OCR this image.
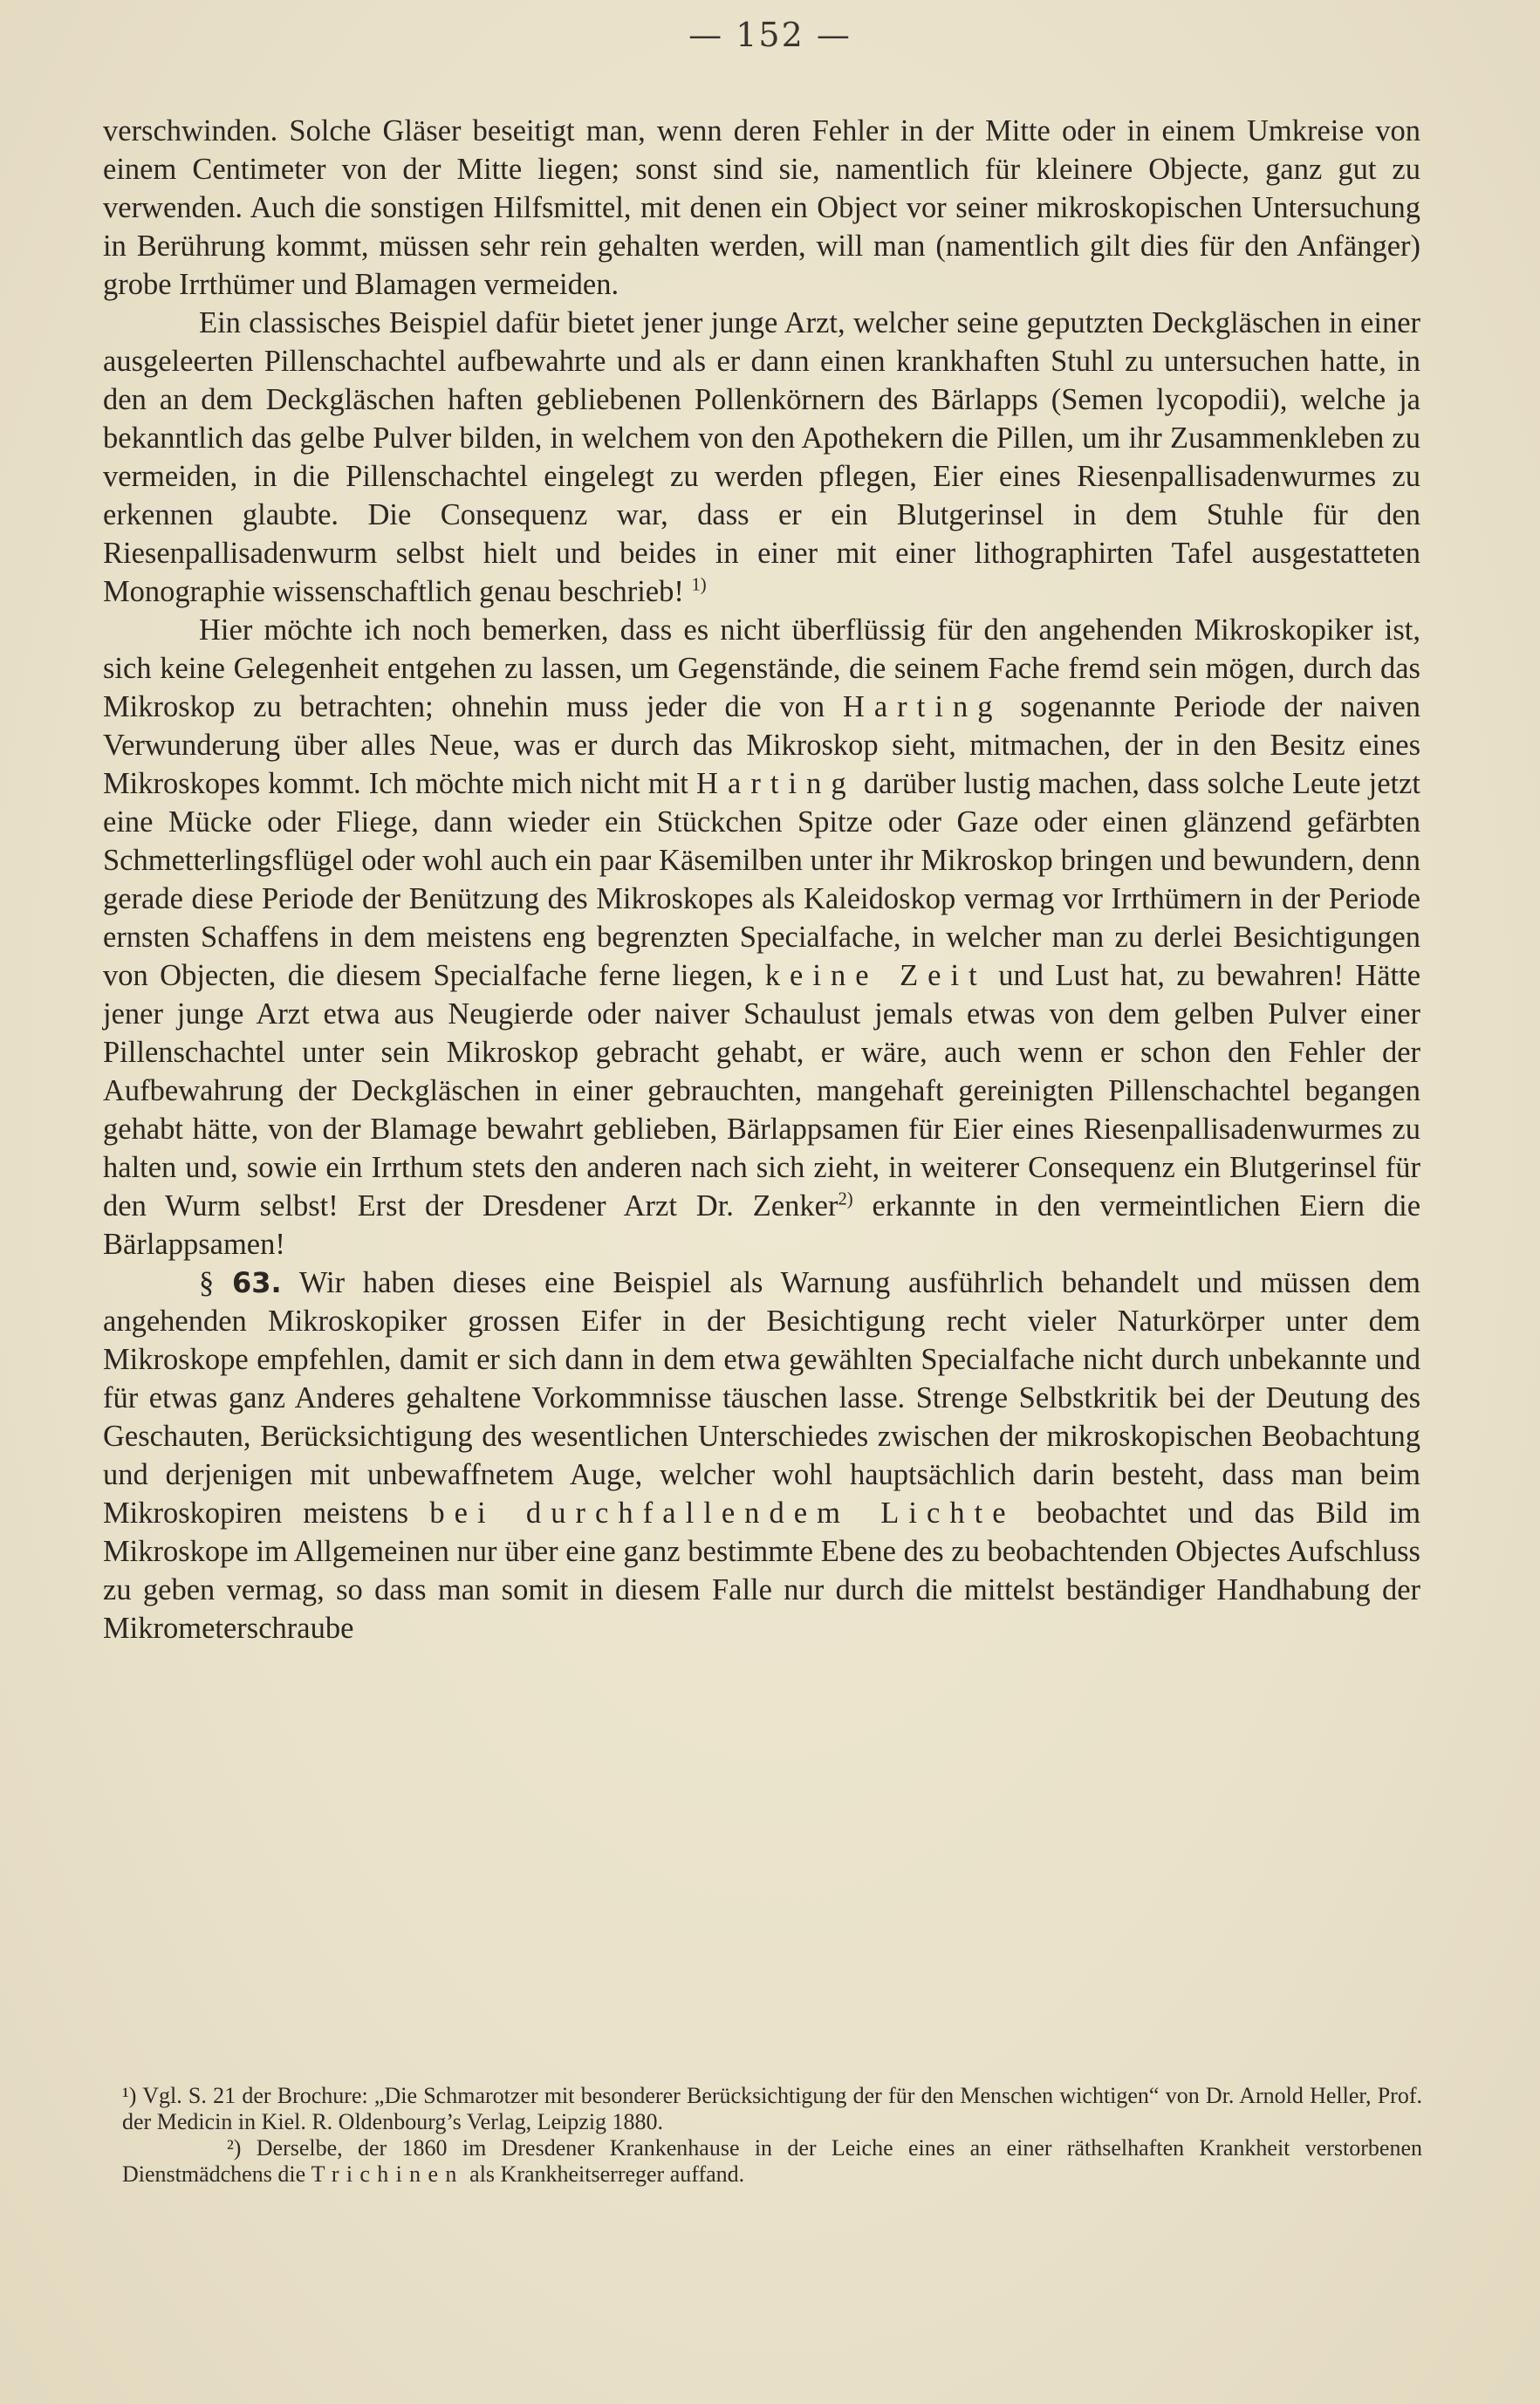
— 152 —

verschwinden. Solche Gläser beseitigt man, wenn deren Fehler in der Mitte oder in einem Umkreise von einem Centimeter von der Mitte liegen; sonst sind sie, namentlich für kleinere Objecte, ganz gut zu verwenden. Auch die sonstigen Hilfsmittel, mit denen ein Object vor seiner mikroskopischen Untersuchung in Berührung kommt, müssen sehr rein gehalten werden, will man (namentlich gilt dies für den Anfänger) grobe Irrthümer und Blamagen vermeiden.

Ein classisches Beispiel dafür bietet jener junge Arzt, welcher seine geputzten Deckgläschen in einer ausgeleerten Pillenschachtel aufbewahrte und als er dann einen krankhaften Stuhl zu untersuchen hatte, in den an dem Deckgläschen haften gebliebenen Pollenkörnern des Bärlapps (Semen lycopodii), welche ja bekanntlich das gelbe Pulver bilden, in welchem von den Apothekern die Pillen, um ihr Zusammenkleben zu vermeiden, in die Pillenschachtel eingelegt zu werden pflegen, Eier eines Riesenpallisadenwurmes zu erkennen glaubte. Die Consequenz war, dass er ein Blutgerinsel in dem Stuhle für den Riesenpallisadenwurm selbst hielt und beides in einer mit einer lithographirten Tafel ausgestatteten Monographie wissenschaftlich genau beschrieb! $^{1)}$

Hier möchte ich noch bemerken, dass es nicht überflüssig für den angehenden Mikroskopiker ist, sich keine Gelegenheit entgehen zu lassen, um Gegenstände, die seinem Fache fremd sein mögen, durch das Mikroskop zu betrachten; ohnehin muss jeder die von Harting sogenannte Periode der naiven Verwunderung über alles Neue, was er durch das Mikroskop sieht, mitmachen, der in den Besitz eines Mikroskopes kommt. Ich möchte mich nicht mit Harting darüber lustig machen, dass solche Leute jetzt eine Mücke oder Fliege, dann wieder ein Stückchen Spitze oder Gaze oder einen glänzend gefärbten Schmetterlingsflügel oder wohl auch ein paar Käsemilben unter ihr Mikroskop bringen und bewundern, denn gerade diese Periode der Benützung des Mikroskopes als Kaleidoskop vermag vor Irrthümern in der Periode ernsten Schaffens in dem meistens eng begrenzten Specialfache, in welcher man zu derlei Besichtigungen von Objecten, die diesem Specialfache ferne liegen, keine Zeit und Lust hat, zu bewahren! Hätte jener junge Arzt etwa aus Neugierde oder naiver Schaulust jemals etwas von dem gelben Pulver einer Pillenschachtel unter sein Mikroskop gebracht gehabt, er wäre, auch wenn er schon den Fehler der Aufbewahrung der Deckgläschen in einer gebrauchten, mangehaft gereinigten Pillenschachtel begangen gehabt hätte, von der Blamage bewahrt geblieben, Bärlappsamen für Eier eines Riesenpallisadenwurmes zu halten und, sowie ein Irrthum stets den anderen nach sich zieht, in weiterer Consequenz ein Blutgerinsel für den Wurm selbst! Erst der Dresdener Arzt Dr. Zenker$^{2)}$ erkannte in den vermeintlichen Eiern die Bärlappsamen!

§ 63. Wir haben dieses eine Beispiel als Warnung ausführlich behandelt und müssen dem angehenden Mikroskopiker grossen Eifer in der Besichtigung recht vieler Naturkörper unter dem Mikroskope empfehlen, damit er sich dann in dem etwa gewählten Specialfache nicht durch unbekannte und für etwas ganz Anderes gehaltene Vorkommnisse täuschen lasse. Strenge Selbstkritik bei der Deutung des Geschauten, Berücksichtigung des wesentlichen Unterschiedes zwischen der mikroskopischen Beobachtung und derjenigen mit unbewaffnetem Auge, welcher wohl hauptsächlich darin besteht, dass man beim Mikroskopiren meistens bei durchfallendem Lichte beobachtet und das Bild im Mikroskope im Allgemeinen nur über eine ganz bestimmte Ebene des zu beobachtenden Objectes Aufschluss zu geben vermag, so dass man somit in diesem Falle nur durch die mittelst beständiger Handhabung der Mikrometerschraube

¹) Vgl. S. 21 der Brochure: „Die Schmarotzer mit besonderer Berücksichtigung der für den Menschen wichtigen“ von Dr. Arnold Heller, Prof. der Medicin in Kiel. R. Oldenbourg’s Verlag, Leipzig 1880.

²) Derselbe, der 1860 im Dresdener Krankenhause in der Leiche eines an einer räthselhaften Krankheit verstorbenen Dienstmädchens die Trichinen als Krankheitserreger auffand.
